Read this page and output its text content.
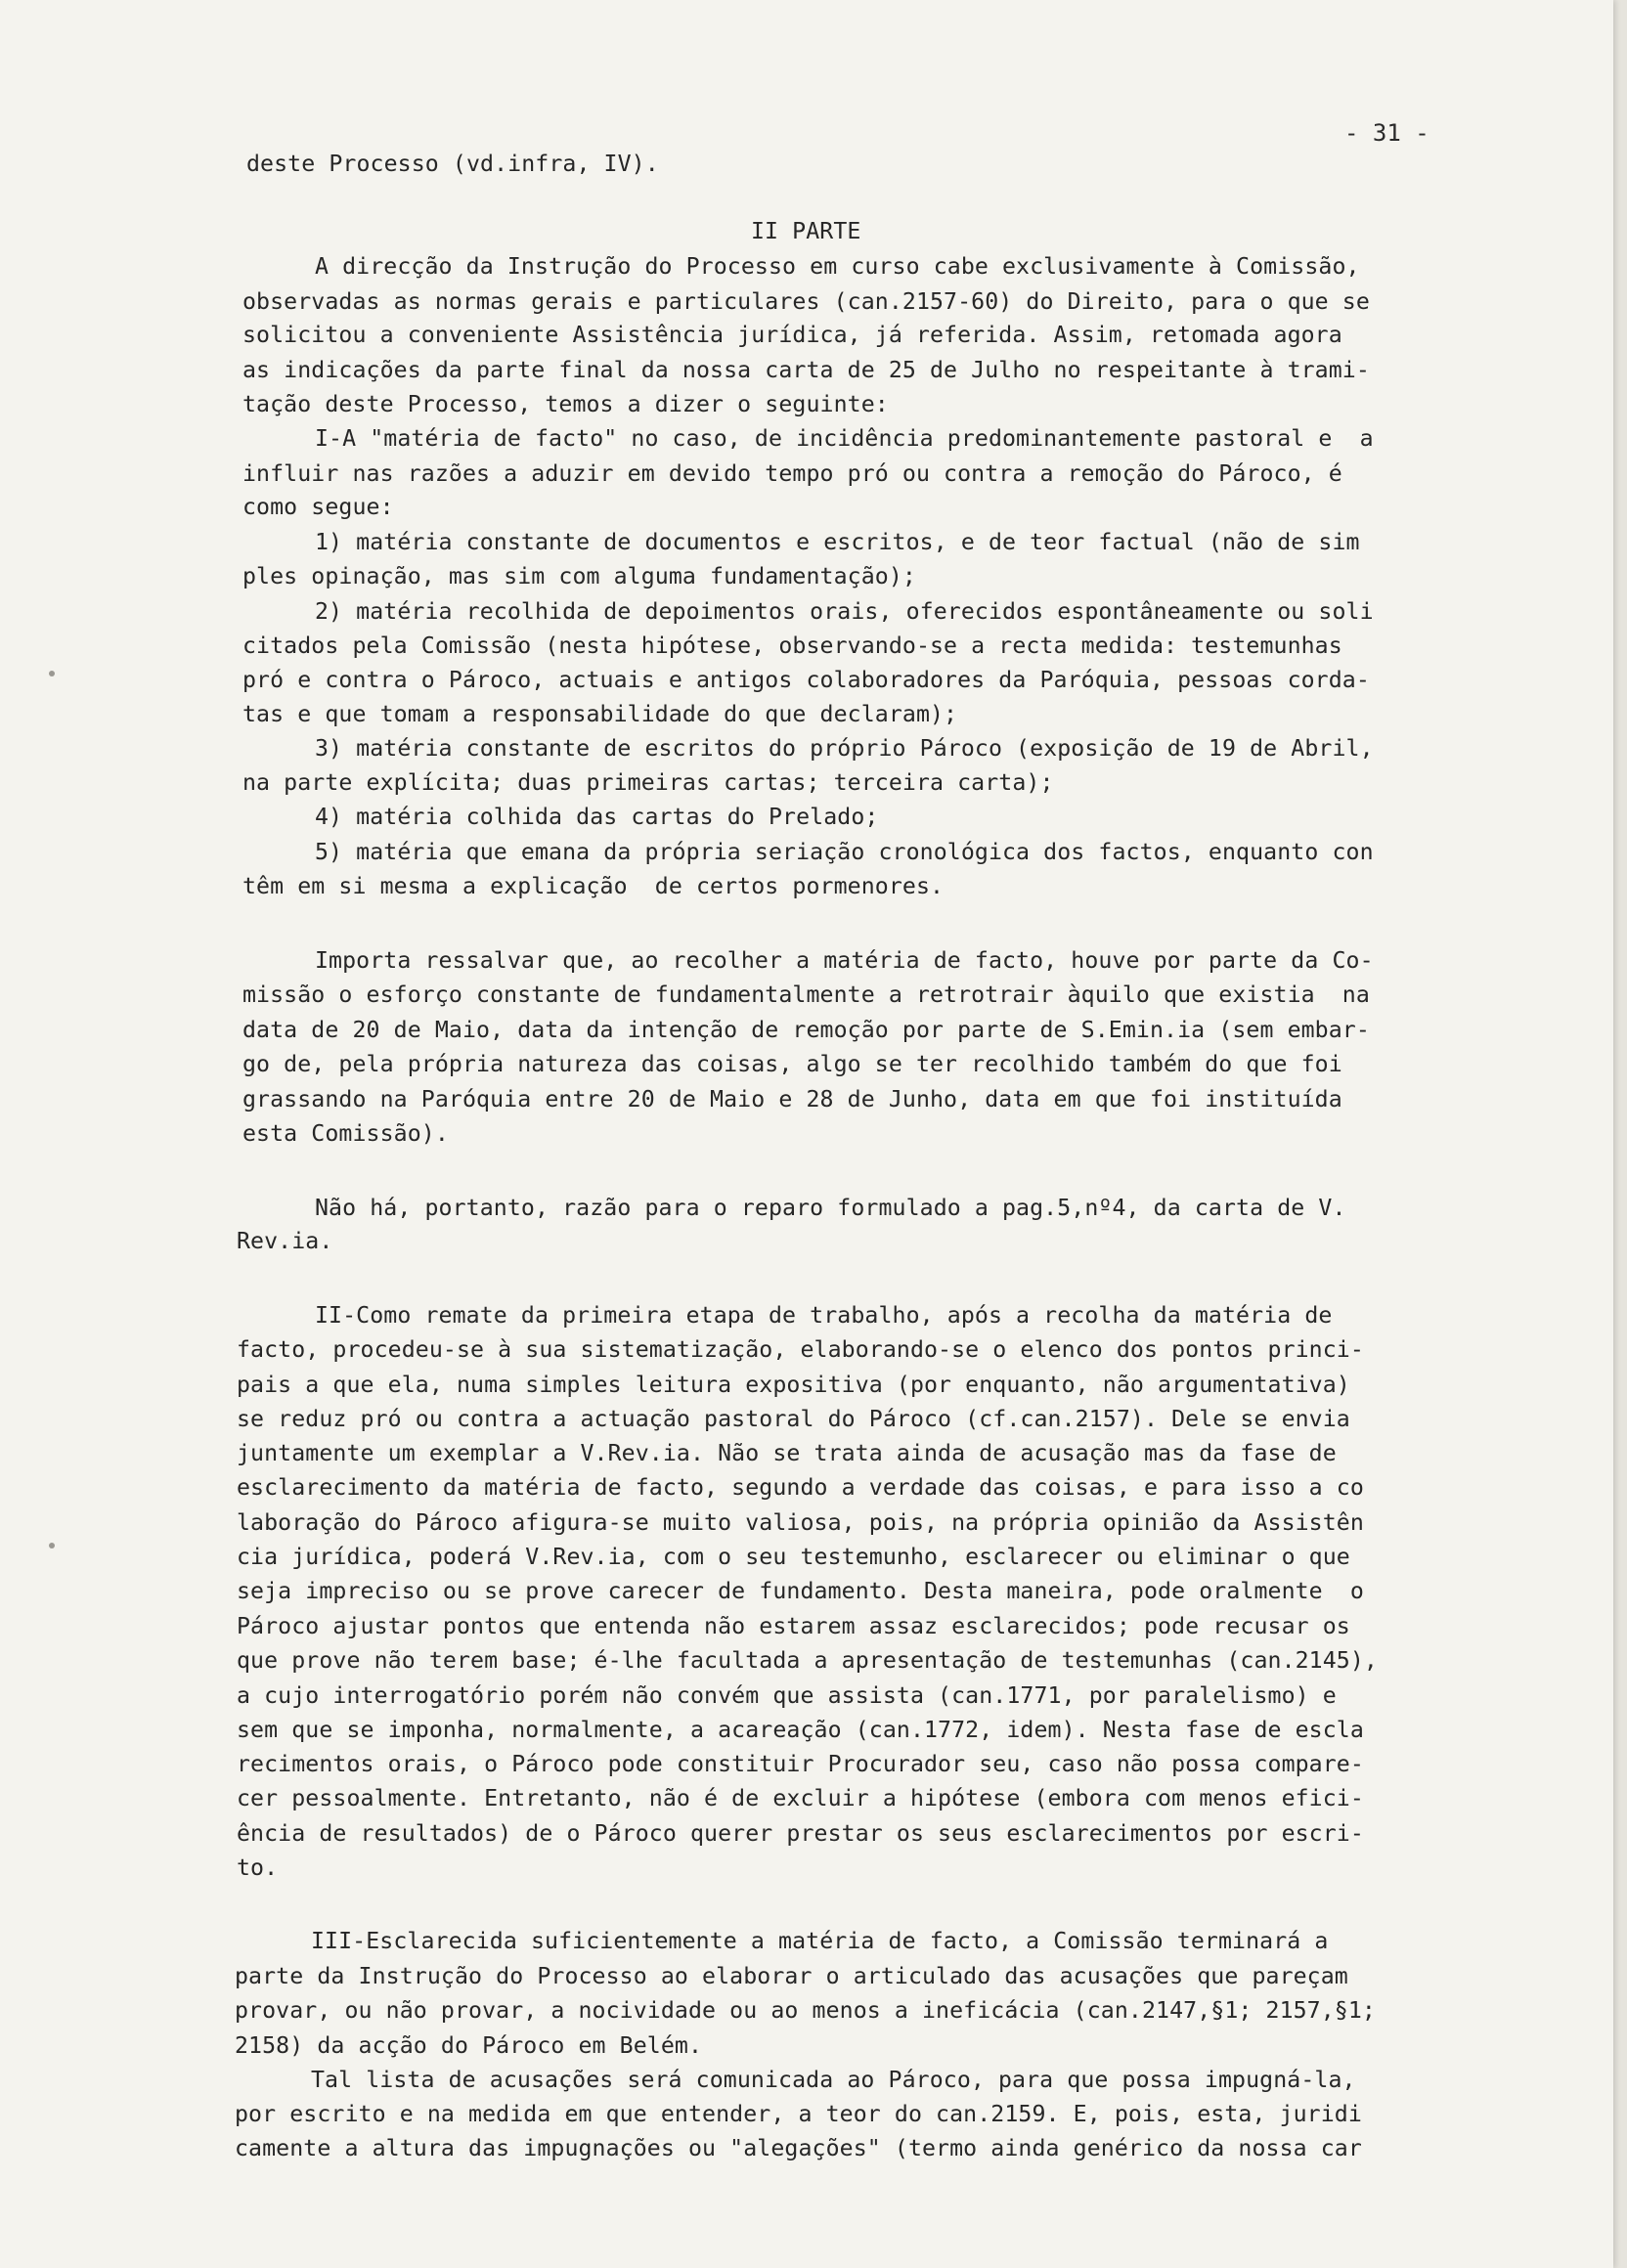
- 31 -
deste Processo (vd.infra, IV).
II PARTE
A direcção da Instrução do Processo em curso cabe exclusivamente à Comissão,
observadas as normas gerais e particulares (can.2157-60) do Direito, para o que se
solicitou a conveniente Assistência jurídica, já referida. Assim, retomada agora
as indicações da parte final da nossa carta de 25 de Julho no respeitante à trami-
tação deste Processo, temos a dizer o seguinte:
I-A "matéria de facto" no caso, de incidência predominantemente pastoral e  a
influir nas razões a aduzir em devido tempo pró ou contra a remoção do Pároco, é
como segue:
1) matéria constante de documentos e escritos, e de teor factual (não de sim
ples opinação, mas sim com alguma fundamentação);
2) matéria recolhida de depoimentos orais, oferecidos espontâneamente ou soli
citados pela Comissão (nesta hipótese, observando-se a recta medida: testemunhas
pró e contra o Pároco, actuais e antigos colaboradores da Paróquia, pessoas corda-
tas e que tomam a responsabilidade do que declaram);
3) matéria constante de escritos do próprio Pároco (exposição de 19 de Abril,
na parte explícita; duas primeiras cartas; terceira carta);
4) matéria colhida das cartas do Prelado;
5) matéria que emana da própria seriação cronológica dos factos, enquanto con
têm em si mesma a explicação  de certos pormenores.
Importa ressalvar que, ao recolher a matéria de facto, houve por parte da Co-
missão o esforço constante de fundamentalmente a retrotrair àquilo que existia  na
data de 20 de Maio, data da intenção de remoção por parte de S.Emin.ia (sem embar-
go de, pela própria natureza das coisas, algo se ter recolhido também do que foi
grassando na Paróquia entre 20 de Maio e 28 de Junho, data em que foi instituída
esta Comissão).
Não há, portanto, razão para o reparo formulado a pag.5,nº4, da carta de V.
Rev.ia.
II-Como remate da primeira etapa de trabalho, após a recolha da matéria de
facto, procedeu-se à sua sistematização, elaborando-se o elenco dos pontos princi-
pais a que ela, numa simples leitura expositiva (por enquanto, não argumentativa)
se reduz pró ou contra a actuação pastoral do Pároco (cf.can.2157). Dele se envia
juntamente um exemplar a V.Rev.ia. Não se trata ainda de acusação mas da fase de
esclarecimento da matéria de facto, segundo a verdade das coisas, e para isso a co
laboração do Pároco afigura-se muito valiosa, pois, na própria opinião da Assistên
cia jurídica, poderá V.Rev.ia, com o seu testemunho, esclarecer ou eliminar o que
seja impreciso ou se prove carecer de fundamento. Desta maneira, pode oralmente  o
Pároco ajustar pontos que entenda não estarem assaz esclarecidos; pode recusar os
que prove não terem base; é-lhe facultada a apresentação de testemunhas (can.2145),
a cujo interrogatório porém não convém que assista (can.1771, por paralelismo) e
sem que se imponha, normalmente, a acareação (can.1772, idem). Nesta fase de escla
recimentos orais, o Pároco pode constituir Procurador seu, caso não possa compare-
cer pessoalmente. Entretanto, não é de excluir a hipótese (embora com menos efici-
ência de resultados) de o Pároco querer prestar os seus esclarecimentos por escri-
to.
III-Esclarecida suficientemente a matéria de facto, a Comissão terminará a
parte da Instrução do Processo ao elaborar o articulado das acusações que pareçam
provar, ou não provar, a nocividade ou ao menos a ineficácia (can.2147,§1; 2157,§1;
2158) da acção do Pároco em Belém.
Tal lista de acusações será comunicada ao Pároco, para que possa impugná-la,
por escrito e na medida em que entender, a teor do can.2159. E, pois, esta, juridi
camente a altura das impugnações ou "alegações" (termo ainda genérico da nossa car
